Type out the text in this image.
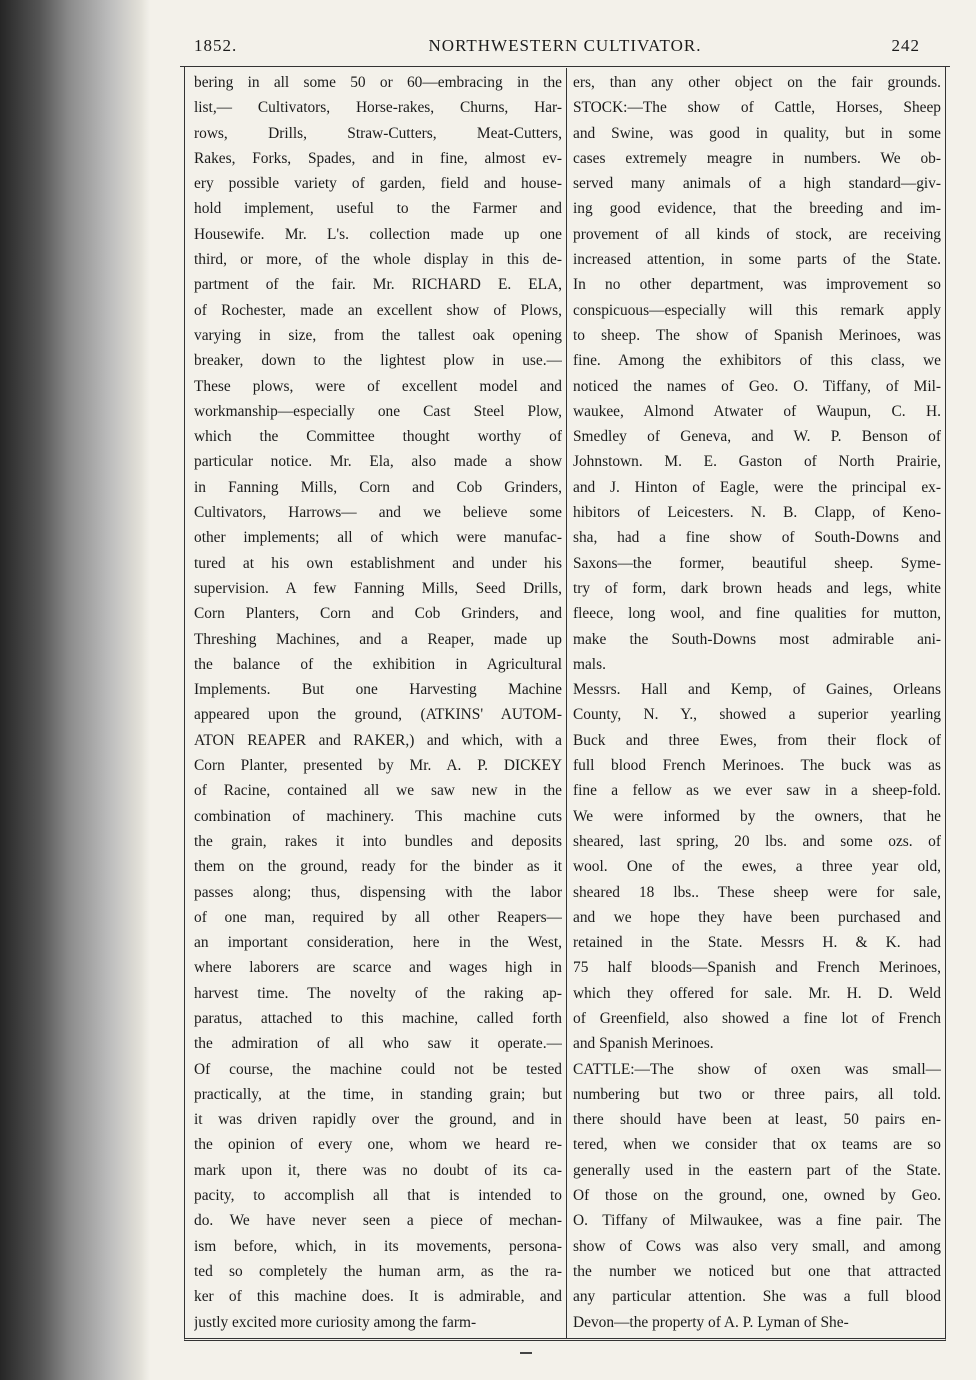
1852.	NORTHWESTERN CULTIVATOR.	242
bering in all some 50 or 60—embracing in the
list,— Cultivators, Horse-rakes, Churns, Har-
rows, Drills, Straw-Cutters, Meat-Cutters,
Rakes, Forks, Spades, and in fine, almost ev-
ery possible variety of garden, field and house-
hold implement, useful to the Farmer and
Housewife. Mr. L's. collection made up one
third, or more, of the whole display in this de-
partment of the fair. Mr. RICHARD E. ELA,
of Rochester, made an excellent show of Plows,
varying in size, from the tallest oak opening
breaker, down to the lightest plow in use.—
These plows, were of excellent model and
workmanship—especially one Cast Steel Plow,
which the Committee thought worthy of
particular notice. Mr. Ela, also made a show
in Fanning Mills, Corn and Cob Grinders,
Cultivators, Harrows— and we believe some
other implements; all of which were manufac-
tured at his own establishment and under his
supervision. A few Fanning Mills, Seed Drills,
Corn Planters, Corn and Cob Grinders, and
Threshing Machines, and a Reaper, made up
the balance of the exhibition in Agricultural
Implements. But one Harvesting Machine
appeared upon the ground, (ATKINS' AUTOM-
ATON REAPER and RAKER,) and which, with a
Corn Planter, presented by Mr. A. P. DICKEY
of Racine, contained all we saw new in the
combination of machinery. This machine cuts
the grain, rakes it into bundles and deposits
them on the ground, ready for the binder as it
passes along; thus, dispensing with the labor
of one man, required by all other Reapers—
an important consideration, here in the West,
where laborers are scarce and wages high in
harvest time. The novelty of the raking ap-
paratus, attached to this machine, called forth
the admiration of all who saw it operate.—
Of course, the machine could not be tested
practically, at the time, in standing grain; but
it was driven rapidly over the ground, and in
the opinion of every one, whom we heard re-
mark upon it, there was no doubt of its ca-
pacity, to accomplish all that is intended to
do. We have never seen a piece of mechan-
ism before, which, in its movements, persona-
ted so completely the human arm, as the ra-
ker of this machine does. It is admirable, and
justly excited more curiosity among the farm-
ers, than any other object on the fair grounds.
STOCK:—The show of Cattle, Horses, Sheep
and Swine, was good in quality, but in some
cases extremely meagre in numbers. We ob-
served many animals of a high standard—giv-
ing good evidence, that the breeding and im-
provement of all kinds of stock, are receiving
increased attention, in some parts of the State.
In no other department, was improvement so
conspicuous—especially will this remark apply
to sheep. The show of Spanish Merinoes, was
fine. Among the exhibitors of this class, we
noticed the names of Geo. O. Tiffany, of Mil-
waukee, Almond Atwater of Waupun, C. H.
Smedley of Geneva, and W. P. Benson of
Johnstown. M. E. Gaston of North Prairie,
and J. Hinton of Eagle, were the principal ex-
hibitors of Leicesters. N. B. Clapp, of Keno-
sha, had a fine show of South-Downs and
Saxons—the former, beautiful sheep. Syme-
try of form, dark brown heads and legs, white
fleece, long wool, and fine qualities for mutton,
make the South-Downs most admirable ani-
mals.
Messrs. Hall and Kemp, of Gaines, Orleans
County, N. Y., showed a superior yearling
Buck and three Ewes, from their flock of
full blood French Merinoes. The buck was as
fine a fellow as we ever saw in a sheep-fold.
We were informed by the owners, that he
sheared, last spring, 20 lbs. and some ozs. of
wool. One of the ewes, a three year old,
sheared 18 lbs.. These sheep were for sale,
and we hope they have been purchased and
retained in the State. Messrs H. & K. had
75 half bloods—Spanish and French Merinoes,
which they offered for sale. Mr. H. D. Weld
of Greenfield, also showed a fine lot of French
and Spanish Merinoes.
CATTLE:—The show of oxen was small—
numbering but two or three pairs, all told.
there should have been at least, 50 pairs en-
tered, when we consider that ox teams are so
generally used in the eastern part of the State.
Of those on the ground, one, owned by Geo.
O. Tiffany of Milwaukee, was a fine pair. The
show of Cows was also very small, and among
the number we noticed but one that attracted
any particular attention. She was a full blood
Devon—the property of A. P. Lyman of She-
